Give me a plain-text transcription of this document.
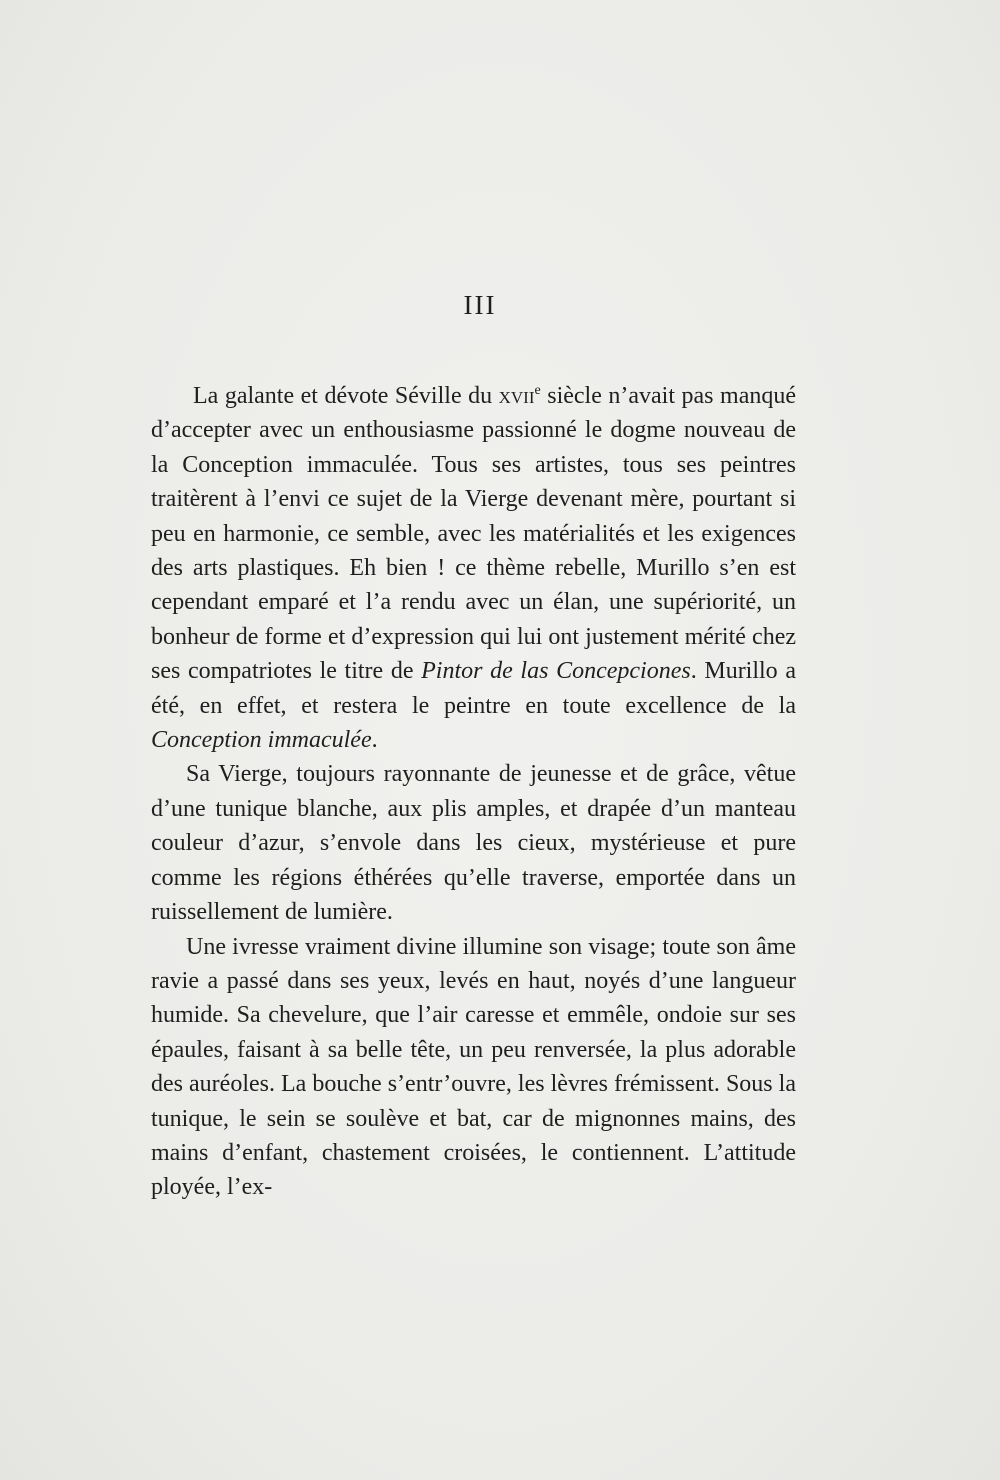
III

La galante et dévote Séville du xvii$^e$ siècle n’avait pas manqué d’accepter avec un enthousiasme passionné le dogme nouveau de la Conception immaculée. Tous ses artistes, tous ses peintres traitèrent à l’envi ce sujet de la Vierge devenant mère, pourtant si peu en harmonie, ce semble, avec les matérialités et les exigences des arts plastiques. Eh bien ! ce thème rebelle, Murillo s’en est cependant emparé et l’a rendu avec un élan, une supériorité, un bonheur de forme et d’expression qui lui ont justement mérité chez ses compatriotes le titre de Pintor de las Concepciones. Murillo a été, en effet, et restera le peintre en toute excellence de la Conception immaculée.

Sa Vierge, toujours rayonnante de jeunesse et de grâce, vêtue d’une tunique blanche, aux plis amples, et drapée d’un manteau couleur d’azur, s’envole dans les cieux, mystérieuse et pure comme les régions éthérées qu’elle traverse, emportée dans un ruissellement de lumière.

Une ivresse vraiment divine illumine son visage; toute son âme ravie a passé dans ses yeux, levés en haut, noyés d’une langueur humide. Sa chevelure, que l’air caresse et emmêle, ondoie sur ses épaules, faisant à sa belle tête, un peu renversée, la plus adorable des auréoles. La bouche s’entr’ouvre, les lèvres frémissent. Sous la tunique, le sein se soulève et bat, car de mignonnes mains, des mains d’enfant, chastement croisées, le contiennent. L’attitude ployée, l’ex-
